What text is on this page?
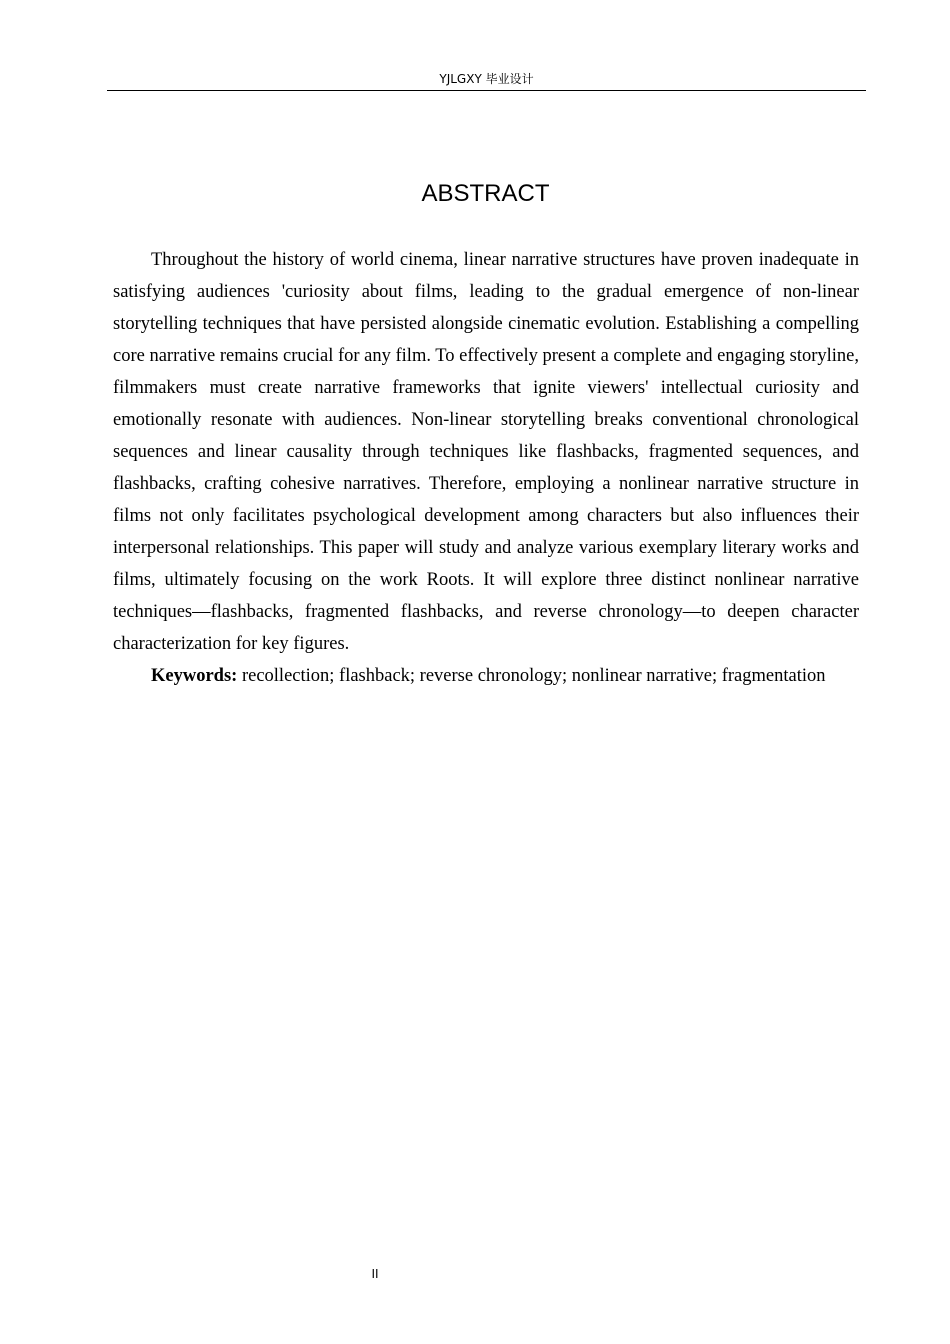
YJLGXY 毕业设计
ABSTRACT

Throughout the history of world cinema, linear narrative structures have proven inadequate in satisfying audiences 'curiosity about films, leading to the gradual emergence of non-linear storytelling techniques that have persisted alongside cinematic evolution. Establishing a compelling core narrative remains crucial for any film. To effectively present a complete and engaging storyline, filmmakers must create narrative frameworks that ignite viewers' intellectual curiosity and emotionally resonate with audiences. Non-linear storytelling breaks conventional chronological sequences and linear causality through techniques like flashbacks, fragmented sequences, and flashbacks, crafting cohesive narratives. Therefore, employing a nonlinear narrative structure in films not only facilitates psychological development among characters but also influences their interpersonal relationships. This paper will study and analyze various exemplary literary works and films, ultimately focusing on the work Roots. It will explore three distinct nonlinear narrative techniques—flashbacks, fragmented flashbacks, and reverse chronology—to deepen character characterization for key figures.

Keywords: recollection; flashback; reverse chronology; nonlinear narrative; fragmentation

II
